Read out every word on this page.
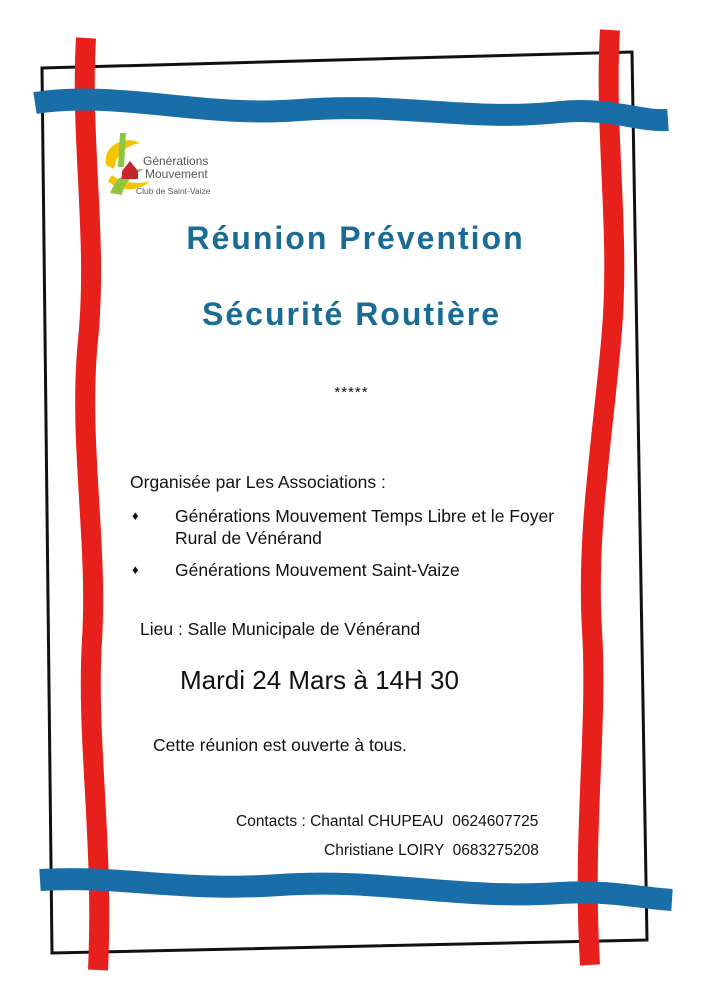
Générations
Mouvement
Club de Saint-Vaize
Réunion Prévention
Sécurité Routière
*****
Organisée par Les Associations :
♦ Générations Mouvement Temps Libre et le Foyer Rural de Vénérand
♦ Générations Mouvement Saint-Vaize
Lieu : Salle Municipale de Vénérand
Mardi 24 Mars à 14H 30
Cette réunion est ouverte à tous.
Contacts : Chantal CHUPEAU  0624607725
Christiane LOIRY  0683275208
